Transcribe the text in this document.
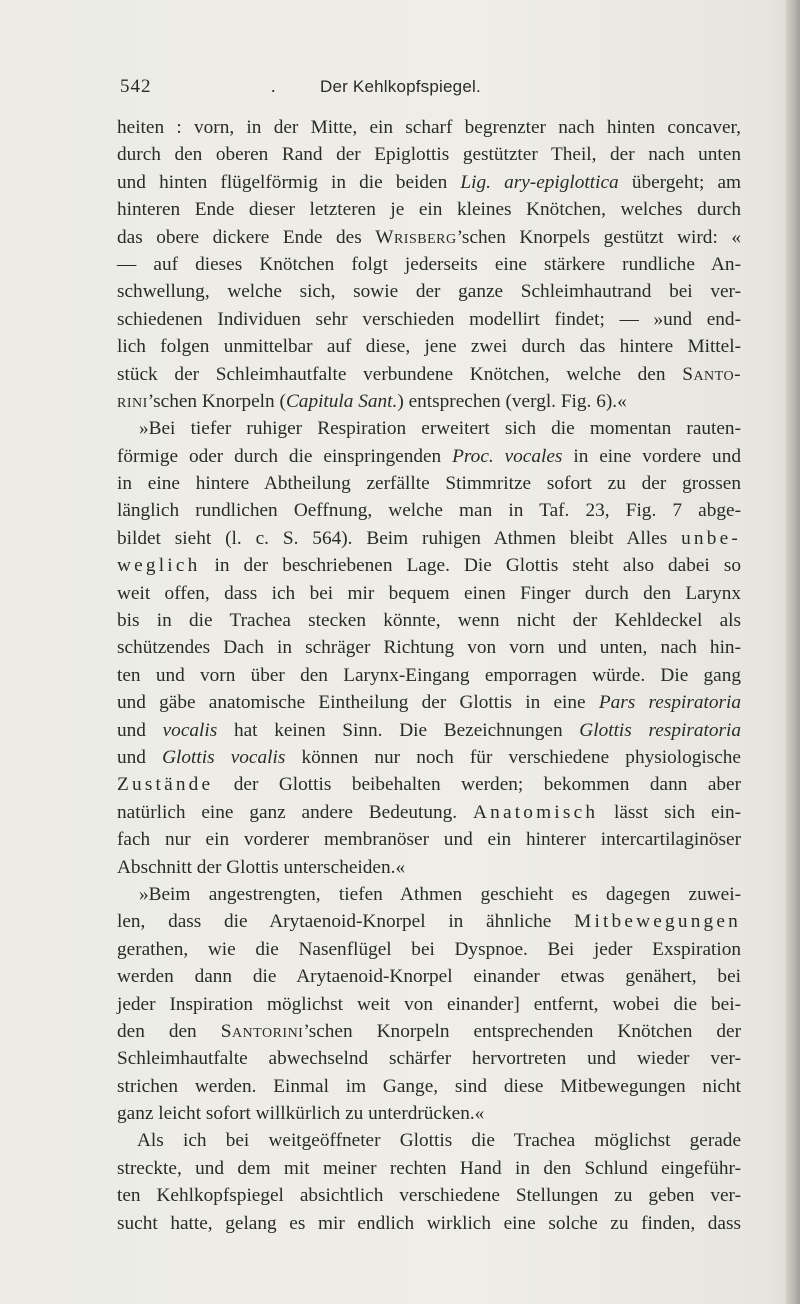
542	.	Der Kehlkopfspiegel.
heiten : vorn, in der Mitte, ein scharf begrenzter nach hinten concaver,
durch den oberen Rand der Epiglottis gestützter Theil, der nach unten
und hinten flügelförmig in die beiden Lig. ary-epiglottica übergeht; am
hinteren Ende dieser letzteren je ein kleines Knötchen, welches durch
das obere dickere Ende des Wrisberg’schen Knorpels gestützt wird: «
— auf dieses Knötchen folgt jederseits eine stärkere rundliche An-
schwellung, welche sich, sowie der ganze Schleimhautrand bei ver-
schiedenen Individuen sehr verschieden modellirt findet; — »und end-
lich folgen unmittelbar auf diese, jene zwei durch das hintere Mittel-
stück der Schleimhautfalte verbundene Knötchen, welche den Santo-
rini’schen Knorpeln (Capitula Sant.) entsprechen (vergl. Fig. 6).«
»Bei tiefer ruhiger Respiration erweitert sich die momentan rauten-
förmige oder durch die einspringenden Proc. vocales in eine vordere und
in eine hintere Abtheilung zerfällte Stimmritze sofort zu der grossen
länglich rundlichen Oeffnung, welche man in Taf. 23, Fig. 7 abge-
bildet sieht (l. c. S. 564). Beim ruhigen Athmen bleibt Alles unbe-
weglich in der beschriebenen Lage. Die Glottis steht also dabei so
weit offen, dass ich bei mir bequem einen Finger durch den Larynx
bis in die Trachea stecken könnte, wenn nicht der Kehldeckel als
schützendes Dach in schräger Richtung von vorn und unten, nach hin-
ten und vorn über den Larynx-Eingang emporragen würde. Die gang
und gäbe anatomische Eintheilung der Glottis in eine Pars respiratoria
und vocalis hat keinen Sinn. Die Bezeichnungen Glottis respiratoria
und Glottis vocalis können nur noch für verschiedene physiologische
Zustände der Glottis beibehalten werden; bekommen dann aber
natürlich eine ganz andere Bedeutung. Anatomisch lässt sich ein-
fach nur ein vorderer membranöser und ein hinterer intercartilaginöser
Abschnitt der Glottis unterscheiden.«
»Beim angestrengten, tiefen Athmen geschieht es dagegen zuwei-
len, dass die Arytaenoid-Knorpel in ähnliche Mitbewegungen
gerathen, wie die Nasenflügel bei Dyspnoe. Bei jeder Exspiration
werden dann die Arytaenoid-Knorpel einander etwas genähert, bei
jeder Inspiration möglichst weit von einander] entfernt, wobei die bei-
den den Santorini’schen Knorpeln entsprechenden Knötchen der
Schleimhautfalte abwechselnd schärfer hervortreten und wieder ver-
strichen werden. Einmal im Gange, sind diese Mitbewegungen nicht
ganz leicht sofort willkürlich zu unterdrücken.«
Als ich bei weitgeöffneter Glottis die Trachea möglichst gerade
streckte, und dem mit meiner rechten Hand in den Schlund eingeführ-
ten Kehlkopfspiegel absichtlich verschiedene Stellungen zu geben ver-
sucht hatte, gelang es mir endlich wirklich eine solche zu finden, dass
